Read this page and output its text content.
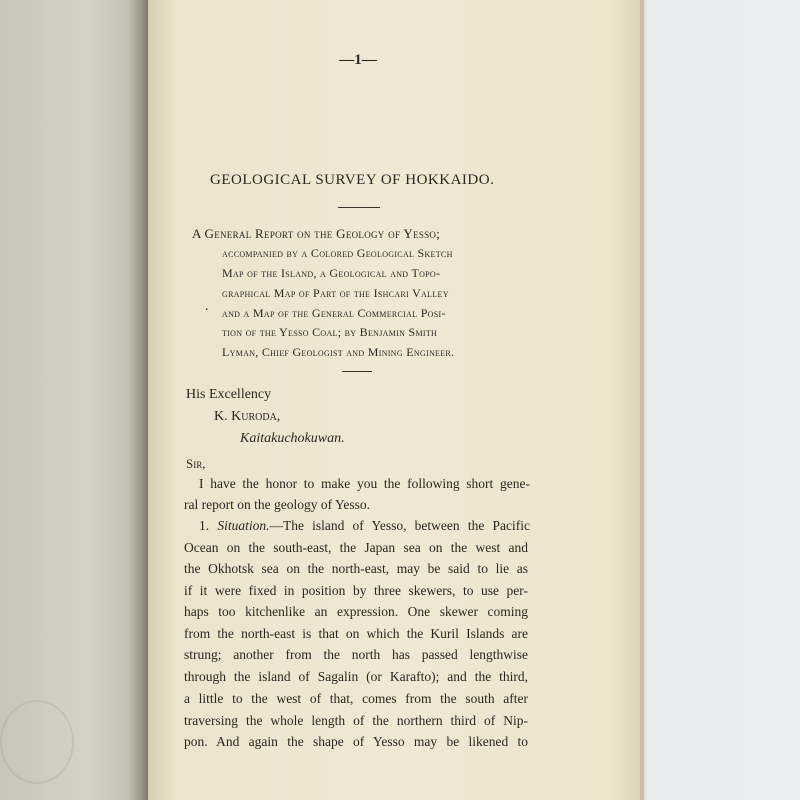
—1—
GEOLOGICAL SURVEY OF HOKKAIDO.
A General Report on the Geology of Yesso;
accompanied by a Colored Geological Sketch
Map of the Island, a Geological and Topo-
graphical Map of Part of the Ishcari Valley
and a Map of the General Commercial Posi-
tion of the Yesso Coal; by Benjamin Smith
Lyman, Chief Geologist and Mining Engineer.
.
His Excellency
K. Kuroda,
Kaitakuchokuwan.
Sir,
I have the honor to make you the following short gene-
ral report on the geology of Yesso.
1. Situation.—The island of Yesso, between the Pacific
Ocean on the south-east, the Japan sea on the west and
the Okhotsk sea on the north-east, may be said to lie as
if it were fixed in position by three skewers, to use per-
haps too kitchenlike an expression. One skewer coming
from the north-east is that on which the Kuril Islands are
strung; another from the north has passed lengthwise
through the island of Sagalin (or Karafto); and the third,
a little to the west of that, comes from the south after
traversing the whole length of the northern third of Nip-
pon. And again the shape of Yesso may be likened to
